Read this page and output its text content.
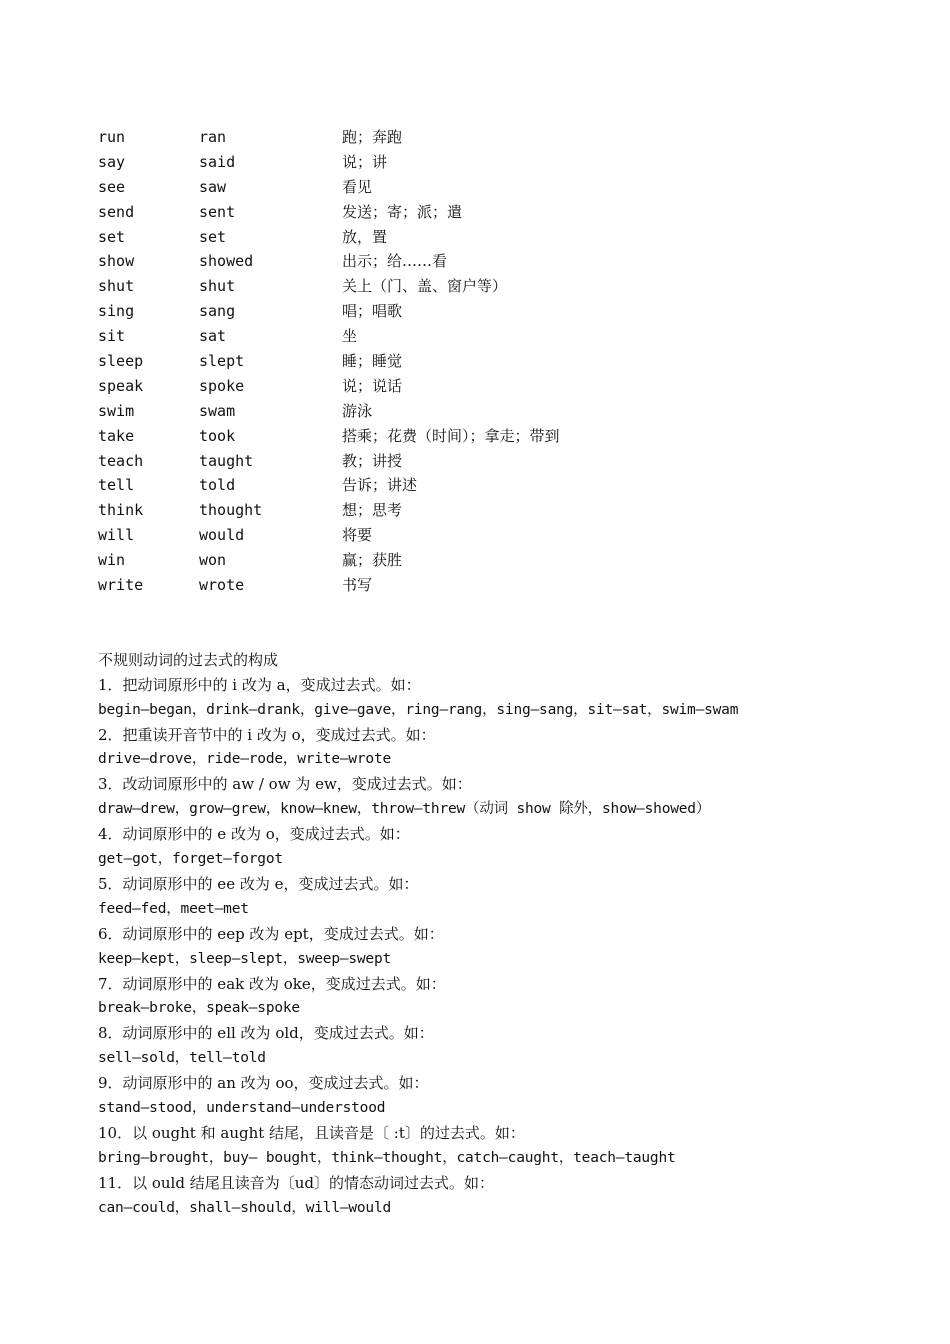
run	ran	跑；奔跑
say	said	说；讲
see	saw	看见
send	sent	发送；寄；派；遣
set	set	放，置
show	showed	出示；给……看
shut	shut	关上（门、盖、窗户等）
sing	sang	唱；唱歌
sit	sat	坐
sleep	slept	睡；睡觉
speak	spoke	说；说话
swim	swam	游泳
take	took	搭乘；花费（时间）；拿走；带到
teach	taught	教；讲授
tell	told	告诉；讲述
think	thought	想；思考
will	would	将要
win	won	赢；获胜
write	wrote	书写
不规则动词的过去式的构成
1．把动词原形中的 i 改为 a，变成过去式。如：
begin—began，drink—drank，give—gave，ring—rang，sing—sang，sit—sat，swim—swam
2．把重读开音节中的 i 改为 o，变成过去式。如：
drive—drove，ride—rode，write—wrote
3．改动词原形中的 aw / ow 为 ew，变成过去式。如：
draw—drew，grow—grew，know—knew，throw—threw（动词 show 除外，show—showed）
4．动词原形中的 e 改为 o，变成过去式。如：
get—got，forget—forgot
5．动词原形中的 ee 改为 e，变成过去式。如：
feed—fed，meet—met
6．动词原形中的 eep 改为 ept，变成过去式。如：
keep—kept，sleep—slept，sweep—swept
7．动词原形中的 eak 改为 oke，变成过去式。如：
break—broke，speak—spoke
8．动词原形中的 ell 改为 old，变成过去式。如：
sell—sold，tell—told
9．动词原形中的 an 改为 oo，变成过去式。如：
stand—stood，understand—understood
10．以 ought 和 aught 结尾，且读音是〔 :t〕的过去式。如：
bring—brought，buy— bought，think—thought，catch—caught，teach—taught
11．以 ould 结尾且读音为〔ud〕的情态动词过去式。如：
can—could，shall—should，will—would
